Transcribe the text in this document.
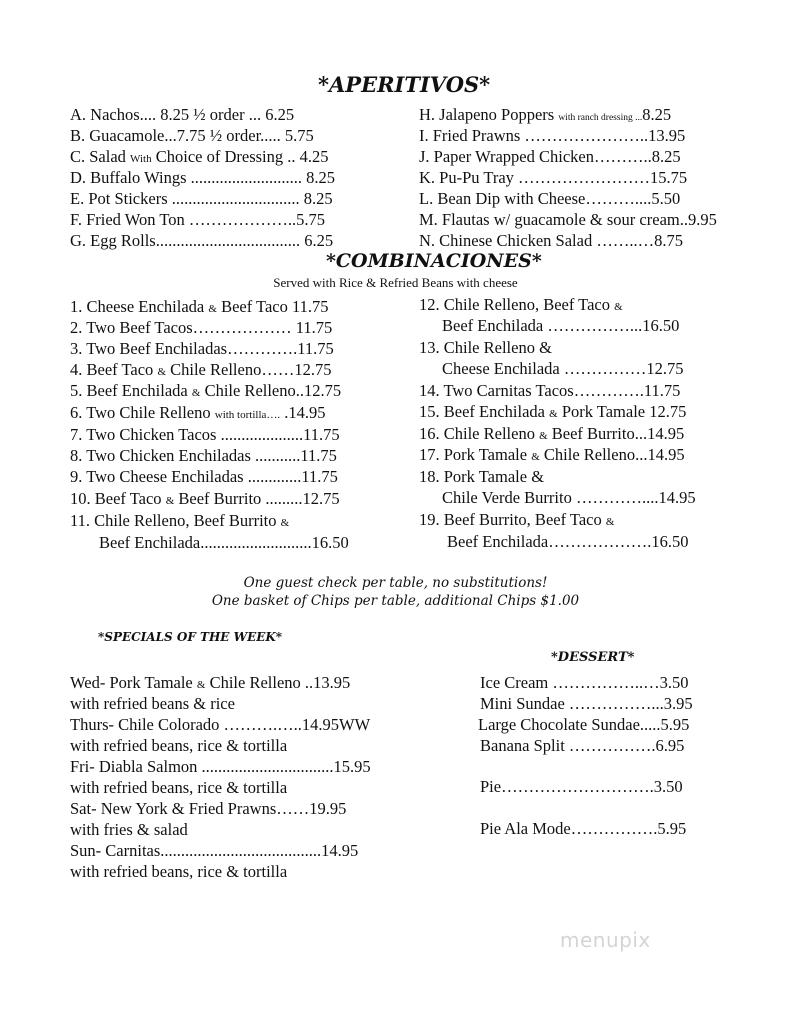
*APERITIVOS*
A. Nachos.... 8.25 ½ order ... 6.25
B. Guacamole...7.75 ½ order..... 5.75
C. Salad With Choice of Dressing .. 4.25
D. Buffalo Wings ........................... 8.25
E. Pot Stickers ............................... 8.25
F. Fried Won Ton ………………..5.75
G. Egg Rolls................................... 6.25
H. Jalapeno Poppers with ranch dressing ...8.25
I. Fried Prawns …………………..13.95
J. Paper Wrapped Chicken………..8.25
K. Pu-Pu Tray ……………………15.75
L. Bean Dip with Cheese………....5.50
M. Flautas w/ guacamole & sour cream..9.95
N. Chinese Chicken Salad ……..…8.75
*COMBINACIONES*
Served with Rice & Refried Beans with cheese
1. Cheese Enchilada & Beef Taco 11.75
2. Two Beef Tacos……………… 11.75
3. Two Beef Enchiladas………….11.75
4. Beef Taco & Chile Relleno……12.75
5. Beef Enchilada & Chile Relleno..12.75
6. Two Chile Relleno with tortilla…. .14.95
7. Two Chicken Tacos ....................11.75
8. Two Chicken Enchiladas ...........11.75
9. Two Cheese Enchiladas .............11.75
10. Beef Taco & Beef Burrito .........12.75
11. Chile Relleno, Beef Burrito &
Beef Enchilada...........................16.50
12. Chile Relleno, Beef Taco &
Beef Enchilada ……………...16.50
13. Chile Relleno &
Cheese Enchilada ……………12.75
14. Two Carnitas Tacos………….11.75
15. Beef Enchilada & Pork Tamale 12.75
16. Chile Relleno & Beef Burrito...14.95
17. Pork Tamale & Chile Relleno...14.95
18. Pork Tamale &
Chile Verde Burrito …………....14.95
19. Beef Burrito, Beef Taco &
Beef Enchilada……………….16.50
One guest check per table, no substitutions!
One basket of Chips per table, additional Chips $1.00
*SPECIALS OF THE WEEK*
Wed- Pork Tamale & Chile Relleno ..13.95
with refried beans & rice
Thurs- Chile Colorado ……….…..14.95WW
with refried beans, rice & tortilla
Fri- Diabla Salmon ................................15.95
with refried beans, rice & tortilla
Sat- New York & Fried Prawns……19.95
with fries & salad
Sun- Carnitas.......................................14.95
with refried beans, rice & tortilla
*DESSERT*
Ice Cream ……………..…3.50
Mini Sundae ……………...3.95
Large Chocolate Sundae.....5.95
Banana Split …………….6.95
Pie……………………….3.50
Pie Ala Mode…………….5.95
menupix
